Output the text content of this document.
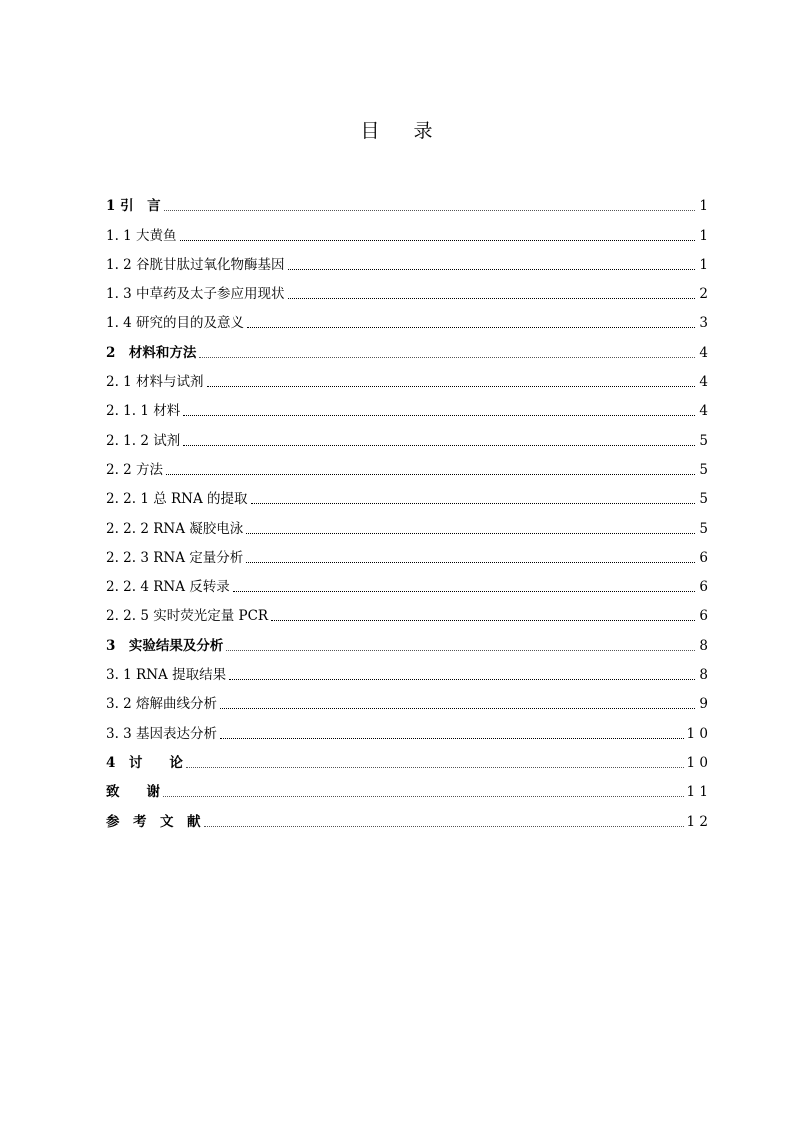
目 录
1 引　言	1
1. 1 大黄鱼	1
1. 2 谷胱甘肽过氧化物酶基因	1
1. 3 中草药及太子参应用现状	2
1. 4 研究的目的及意义	3
2　材料和方法	4
2. 1 材料与试剂	4
2. 1. 1 材料	4
2. 1. 2 试剂	5
2. 2 方法	5
2. 2. 1 总 RNA 的提取	5
2. 2. 2 RNA 凝胶电泳	5
2. 2. 3 RNA 定量分析	6
2. 2. 4 RNA 反转录	6
2. 2. 5 实时荧光定量 PCR	6
3　实验结果及分析	8
3. 1 RNA 提取结果	8
3. 2 熔解曲线分析	9
3. 3 基因表达分析	1 0
4　讨　　论	1 0
致　　谢	1 1
参　考　文　献	1 2
